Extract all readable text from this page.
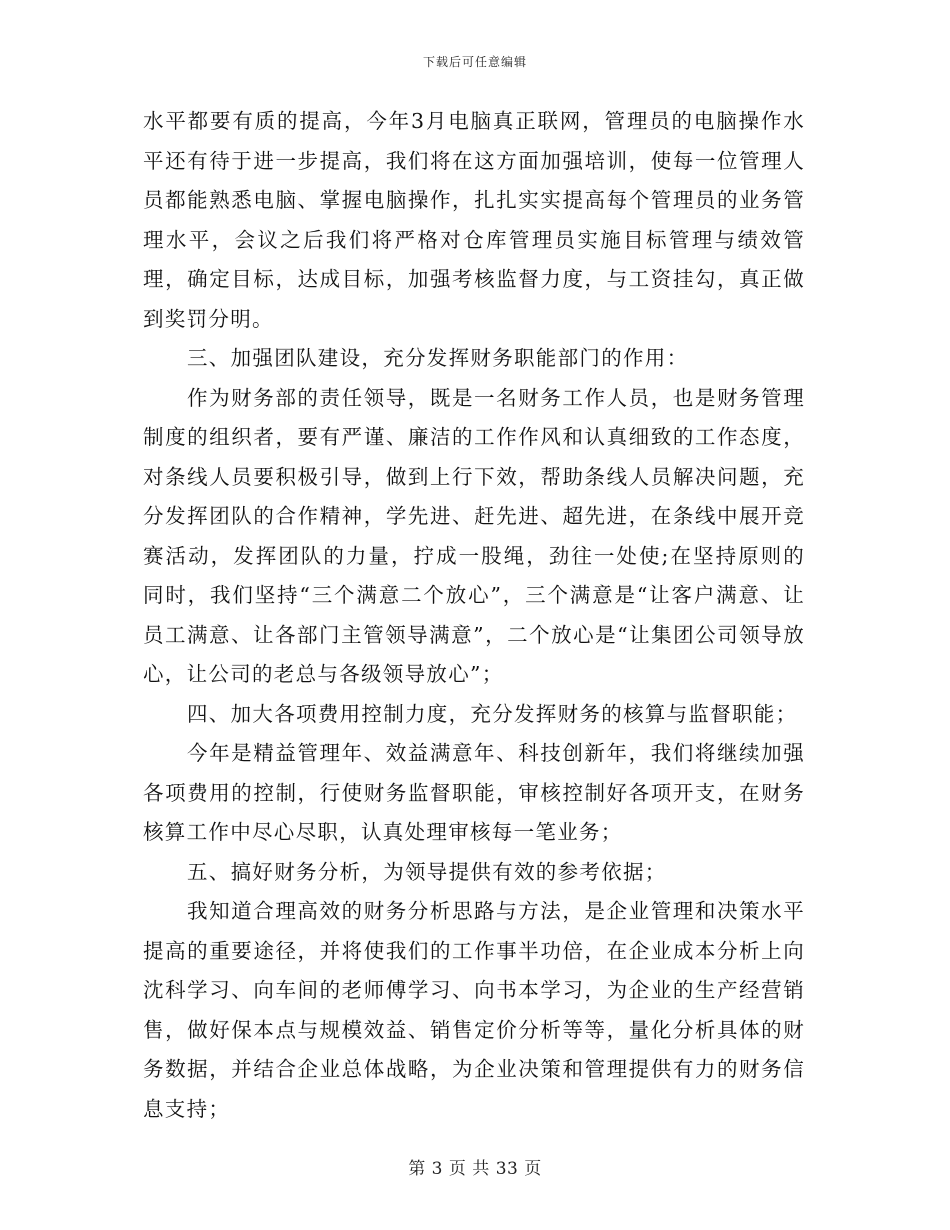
下载后可任意编辑

水平都要有质的提高，今年3月电脑真正联网，管理员的电脑操作水平还有待于进一步提高，我们将在这方面加强培训，使每一位管理人员都能熟悉电脑、掌握电脑操作，扎扎实实提高每个管理员的业务管理水平，会议之后我们将严格对仓库管理员实施目标管理与绩效管理，确定目标，达成目标，加强考核监督力度，与工资挂勾，真正做到奖罚分明。

三、加强团队建设，充分发挥财务职能部门的作用：

作为财务部的责任领导，既是一名财务工作人员，也是财务管理制度的组织者，要有严谨、廉洁的工作作风和认真细致的工作态度，对条线人员要积极引导，做到上行下效，帮助条线人员解决问题，充分发挥团队的合作精神，学先进、赶先进、超先进，在条线中展开竞赛活动，发挥团队的力量，拧成一股绳，劲往一处使;在坚持原则的同时，我们坚持“三个满意二个放心”，三个满意是“让客户满意、让员工满意、让各部门主管领导满意”，二个放心是“让集团公司领导放心，让公司的老总与各级领导放心”；

四、加大各项费用控制力度，充分发挥财务的核算与监督职能；

今年是精益管理年、效益满意年、科技创新年，我们将继续加强各项费用的控制，行使财务监督职能，审核控制好各项开支，在财务核算工作中尽心尽职，认真处理审核每一笔业务；

五、搞好财务分析，为领导提供有效的参考依据；

我知道合理高效的财务分析思路与方法，是企业管理和决策水平提高的重要途径，并将使我们的工作事半功倍，在企业成本分析上向沈科学习、向车间的老师傅学习、向书本学习，为企业的生产经营销售，做好保本点与规模效益、销售定价分析等等，量化分析具体的财务数据，并结合企业总体战略，为企业决策和管理提供有力的财务信息支持；

第 3 页 共 33 页
